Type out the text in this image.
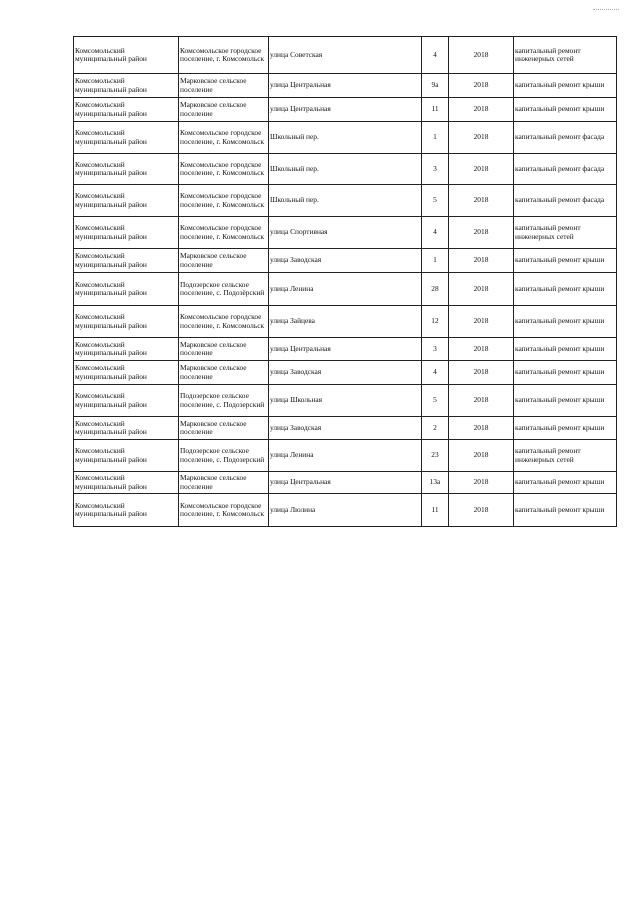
Комсомольский муниципальный район	Комсомольское городское поселение, г. Комсомольск	улица Советская	4	2018	капитальный ремонт инженерных сетей
Комсомольский муниципальный район	Марковское сельское поселение	улица Центральная	9а	2018	капитальный ремонт крыши
Комсомольский муниципальный район	Марковское сельское поселение	улица Центральная	11	2018	капитальный ремонт крыши
Комсомольский муниципальный район	Комсомольское городское поселение, г. Комсомольск	Школьный пер.	1	2018	капитальный ремонт фасада
Комсомольский муниципальный район	Комсомольское городское поселение, г. Комсомольск	Школьный пер.	3	2018	капитальный ремонт фасада
Комсомольский муниципальный район	Комсомольское городское поселение, г. Комсомольск	Школьный пер.	5	2018	капитальный ремонт фасада
Комсомольский муниципальный район	Комсомольское городское поселение, г. Комсомольск	улица Спортивная	4	2018	капитальный ремонт инженерных сетей
Комсомольский муниципальный район	Марковское сельское поселение	улица Заводская	1	2018	капитальный ремонт крыши
Комсомольский муниципальный район	Подозерское сельское поселение, с. Подозёрский	улица Ленина	28	2018	капитальный ремонт крыши
Комсомольский муниципальный район	Комсомольское городское поселение, г. Комсомольск	улица Зайцева	12	2018	капитальный ремонт крыши
Комсомольский муниципальный район	Марковское сельское поселение	улица Центральная	3	2018	капитальный ремонт крыши
Комсомольский муниципальный район	Марковское сельское поселение	улица Заводская	4	2018	капитальный ремонт крыши
Комсомольский муниципальный район	Подозерское сельское поселение, с. Подозерский	улица Школьная	5	2018	капитальный ремонт крыши
Комсомольский муниципальный район	Марковское сельское поселение	улица Заводская	2	2018	капитальный ремонт крыши
Комсомольский муниципальный район	Подозерское сельское поселение, с. Подозерский	улица Ленина	23	2018	капитальный ремонт инженерных сетей
Комсомольский муниципальный район	Марковское сельское поселение	улица Центральная	13а	2018	капитальный ремонт крыши
Комсомольский муниципальный район	Комсомольское городское поселение, г. Комсомольск	улица Люлина	11	2018	капитальный ремонт крыши
